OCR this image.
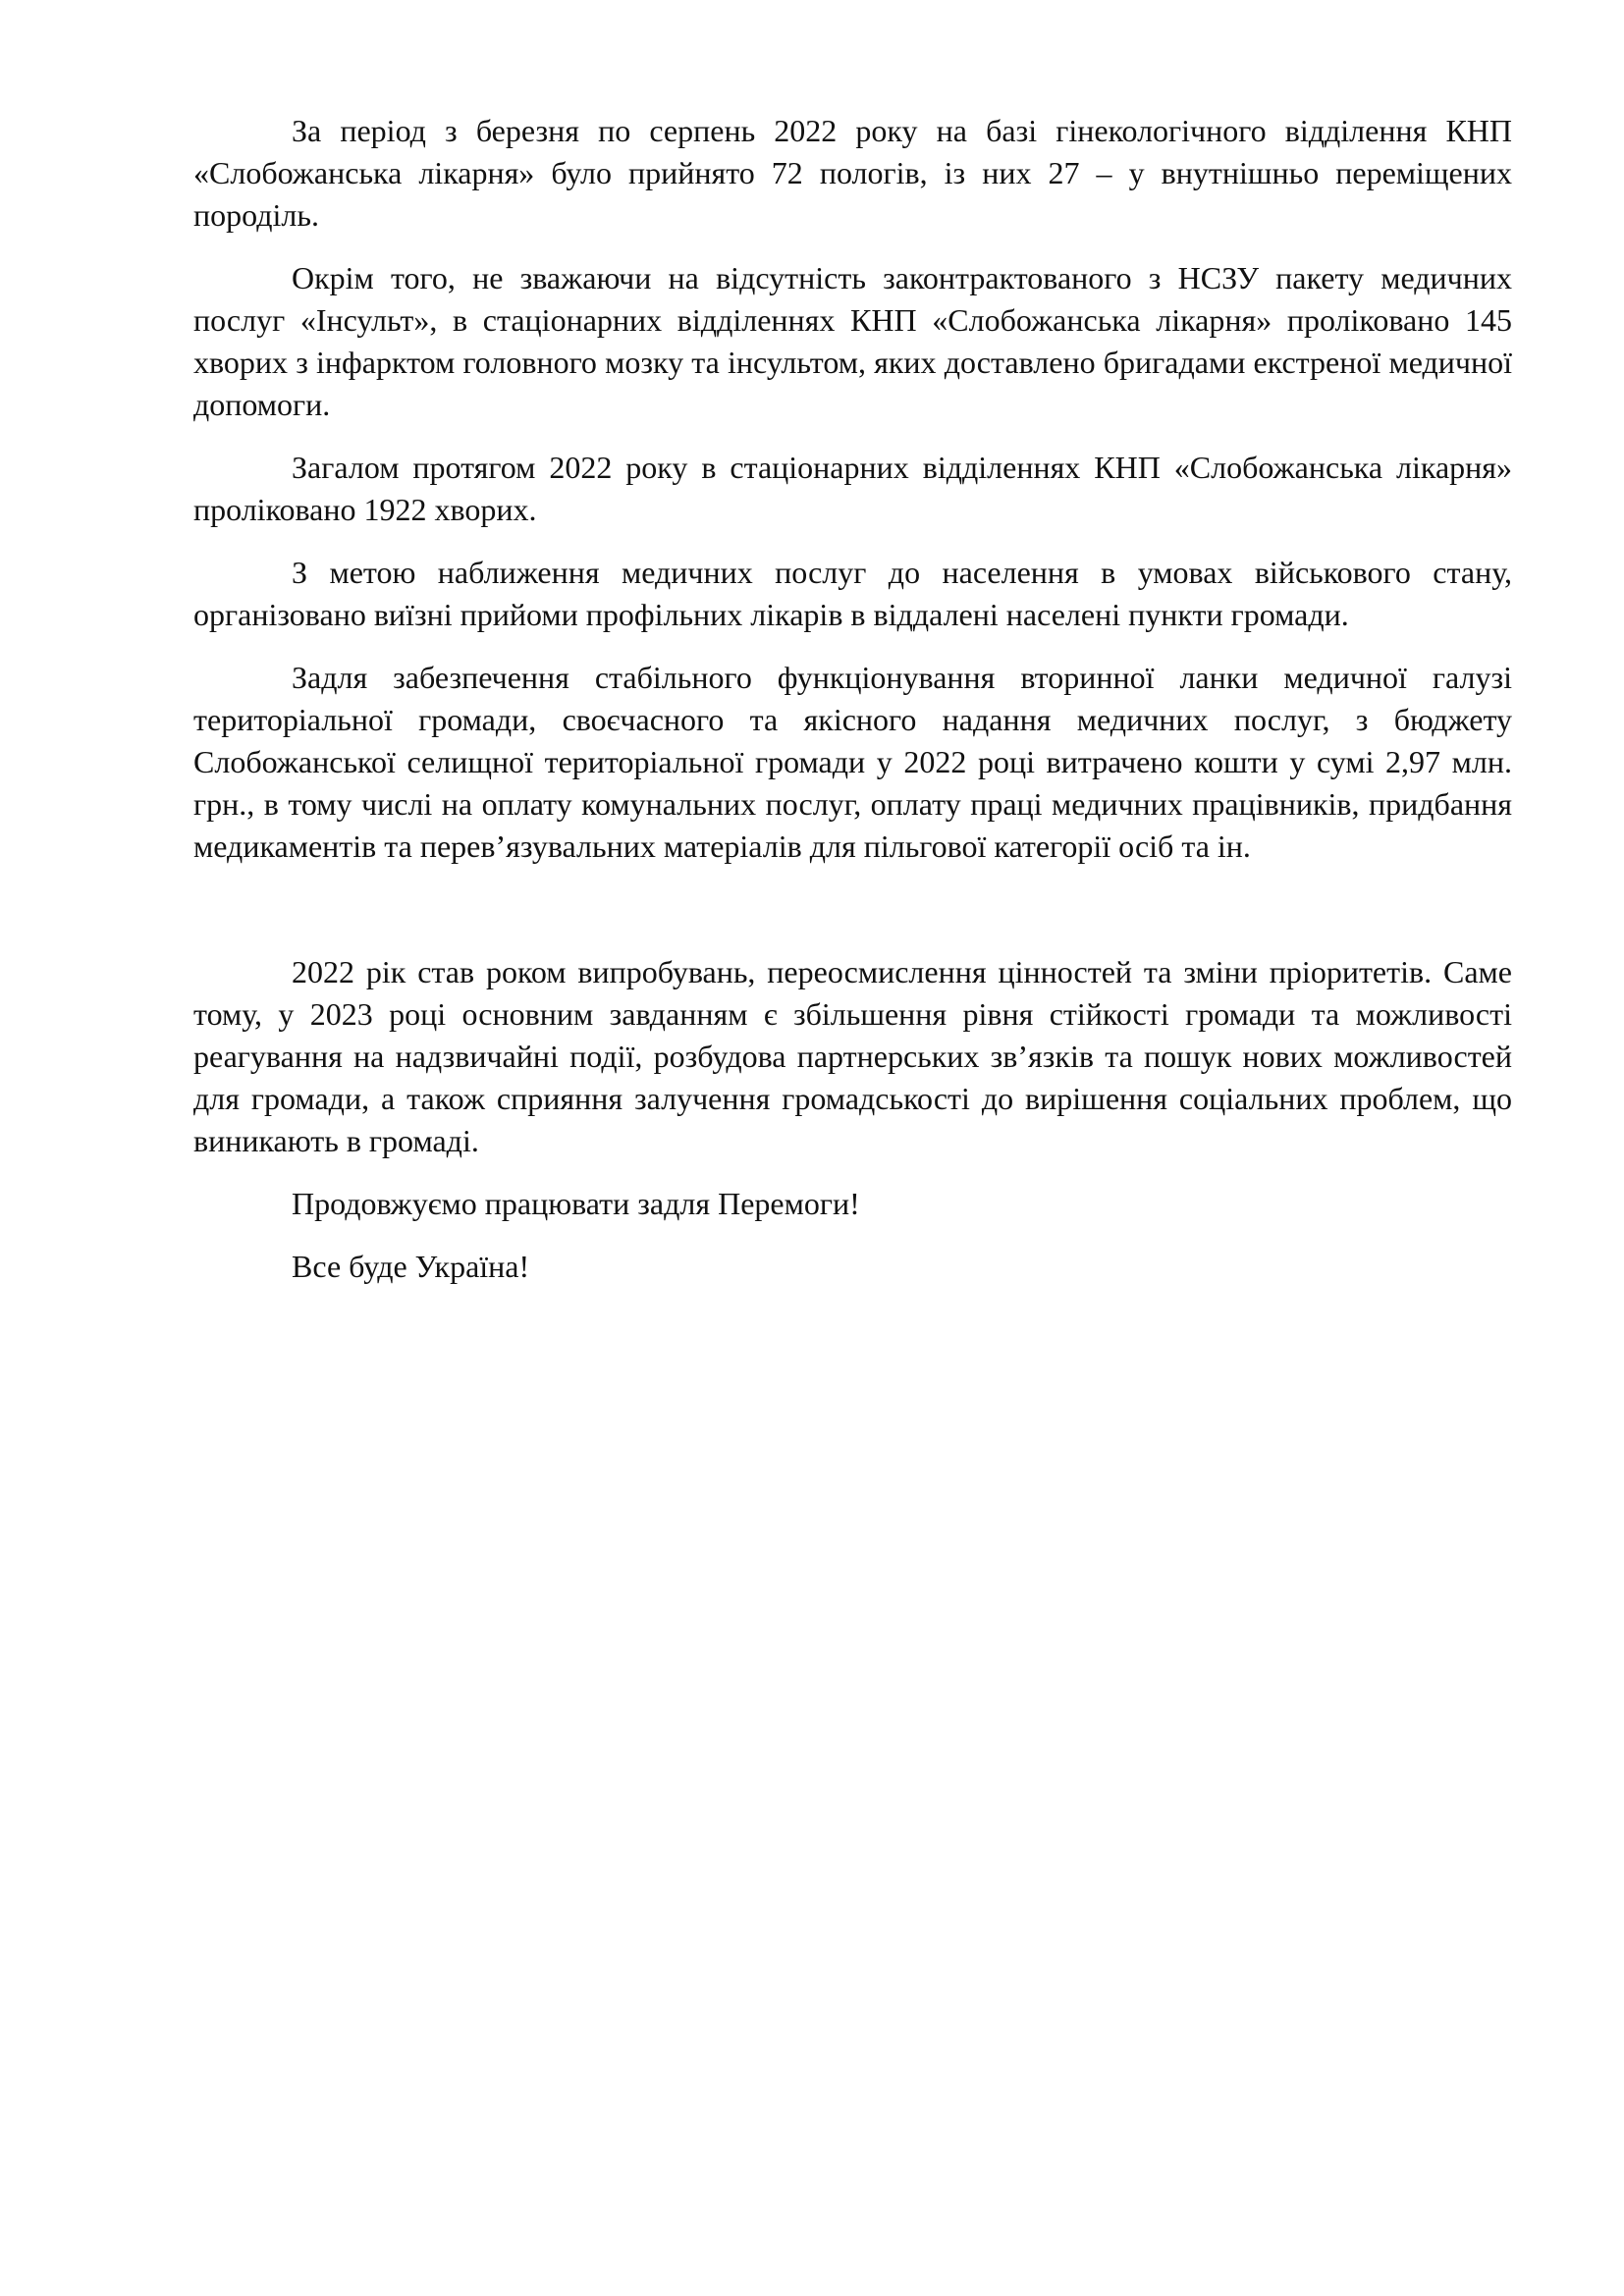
За період з березня по серпень 2022 року на базі гінекологічного відділення КНП «Слобожанська лікарня» було прийнято 72 пологів, із них 27 – у внутнішньо переміщених породіль.

Окрім того, не зважаючи на відсутність законтрактованого з НСЗУ пакету медичних послуг «Інсульт», в стаціонарних відділеннях КНП «Слобожанська лікарня» проліковано 145 хворих з інфарктом головного мозку та інсультом, яких доставлено бригадами екстреної медичної допомоги.

Загалом протягом 2022 року в стаціонарних відділеннях КНП «Слобожанська лікарня» проліковано 1922 хворих.

З метою наближення медичних послуг до населення в умовах військового стану, організовано виїзні прийоми профільних лікарів в віддалені населені пункти громади.

Задля забезпечення стабільного функціонування вторинної ланки медичної галузі територіальної громади, своєчасного та якісного надання медичних послуг, з бюджету Слобожанської селищної територіальної громади у 2022 році витрачено кошти у сумі 2,97 млн. грн., в тому числі на оплату комунальних послуг, оплату праці медичних працівників, придбання медикаментів та перев’язувальних матеріалів для пільгової категорії осіб та ін.

2022 рік став роком випробувань, переосмислення цінностей та зміни пріоритетів. Саме тому, у 2023 році основним завданням є збільшення рівня стійкості громади та можливості реагування на надзвичайні події, розбудова партнерських зв’язків та пошук нових можливостей для громади, а також сприяння залучення громадськості до вирішення соціальних проблем, що виникають в громаді.

Продовжуємо працювати задля Перемоги!

Все буде Україна!
